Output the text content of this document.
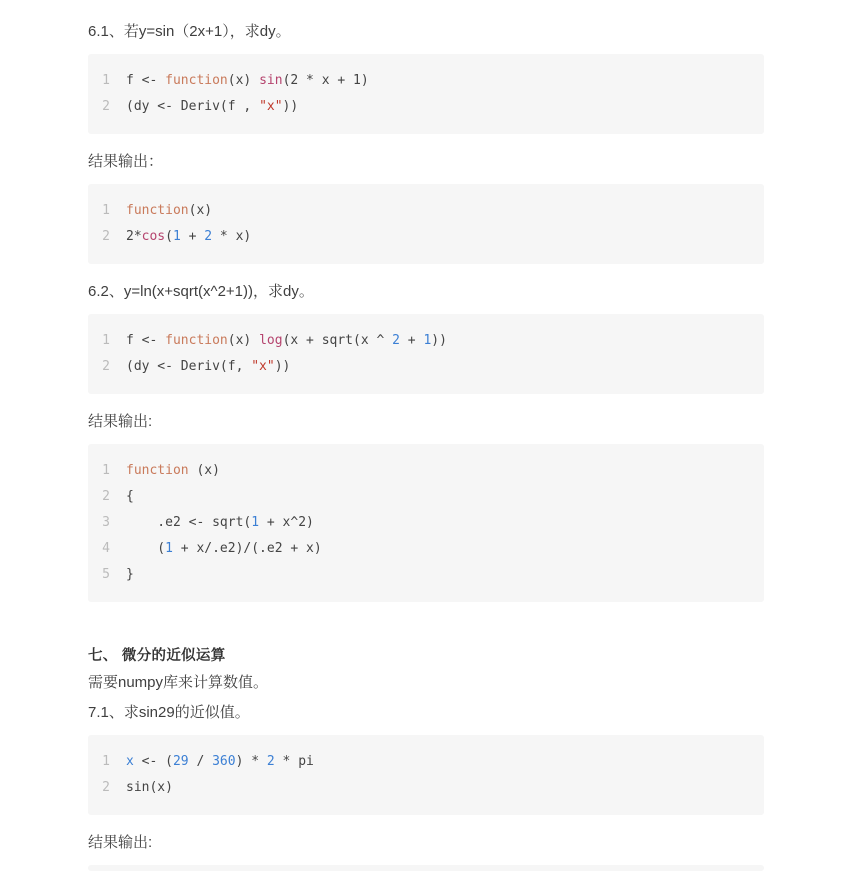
6.1、若y=sin（2x+1），求dy。

1	f <- function(x) sin(2 * x + 1)
2	(dy <- Deriv(f , "x"))

结果输出：

1	function(x)
2	2*cos(1 + 2 * x)

6.2、y=ln(x+sqrt(x^2+1))，求dy。

1	f <- function(x) log(x + sqrt(x ^ 2 + 1))
2	(dy <- Deriv(f, "x"))

结果输出:

1	function (x)
2	{
3	.e2 <- sqrt(1 + x^2)
4	(1 + x/.e2)/(.e2 + x)
5	}

七、 微分的近似运算

需要numpy库来计算数值。

7.1、求sin29的近似值。

1	x <- (29 / 360) * 2 * pi
2	sin(x)

结果输出:
